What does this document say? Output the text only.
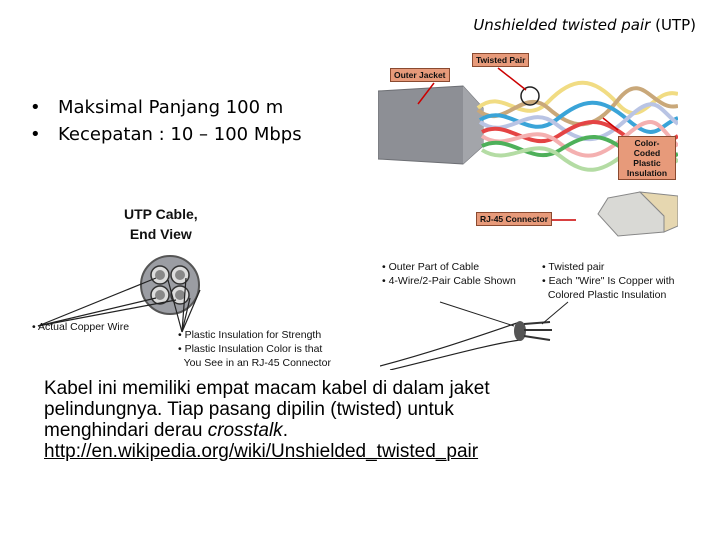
Unshielded twisted pair (UTP)
• Maksimal Panjang 100 m
• Kecepatan : 10 – 100 Mbps
Outer Jacket
Twisted Pair
Color-Coded Plastic Insulation
RJ-45 Connector
UTP Cable,
End View
• Actual Copper Wire
• Plastic Insulation for Strength
• Plastic Insulation Color is that
You See in an RJ-45 Connector
• Outer Part of Cable
• 4-Wire/2-Pair Cable Shown
• Twisted pair
• Each "Wire" Is Copper with
Colored Plastic Insulation
Kabel ini memiliki empat macam kabel di dalam jaket
pelindungnya. Tiap pasang dipilin (twisted) untuk
menghindari derau crosstalk.
http://en.wikipedia.org/wiki/Unshielded_twisted_pair
